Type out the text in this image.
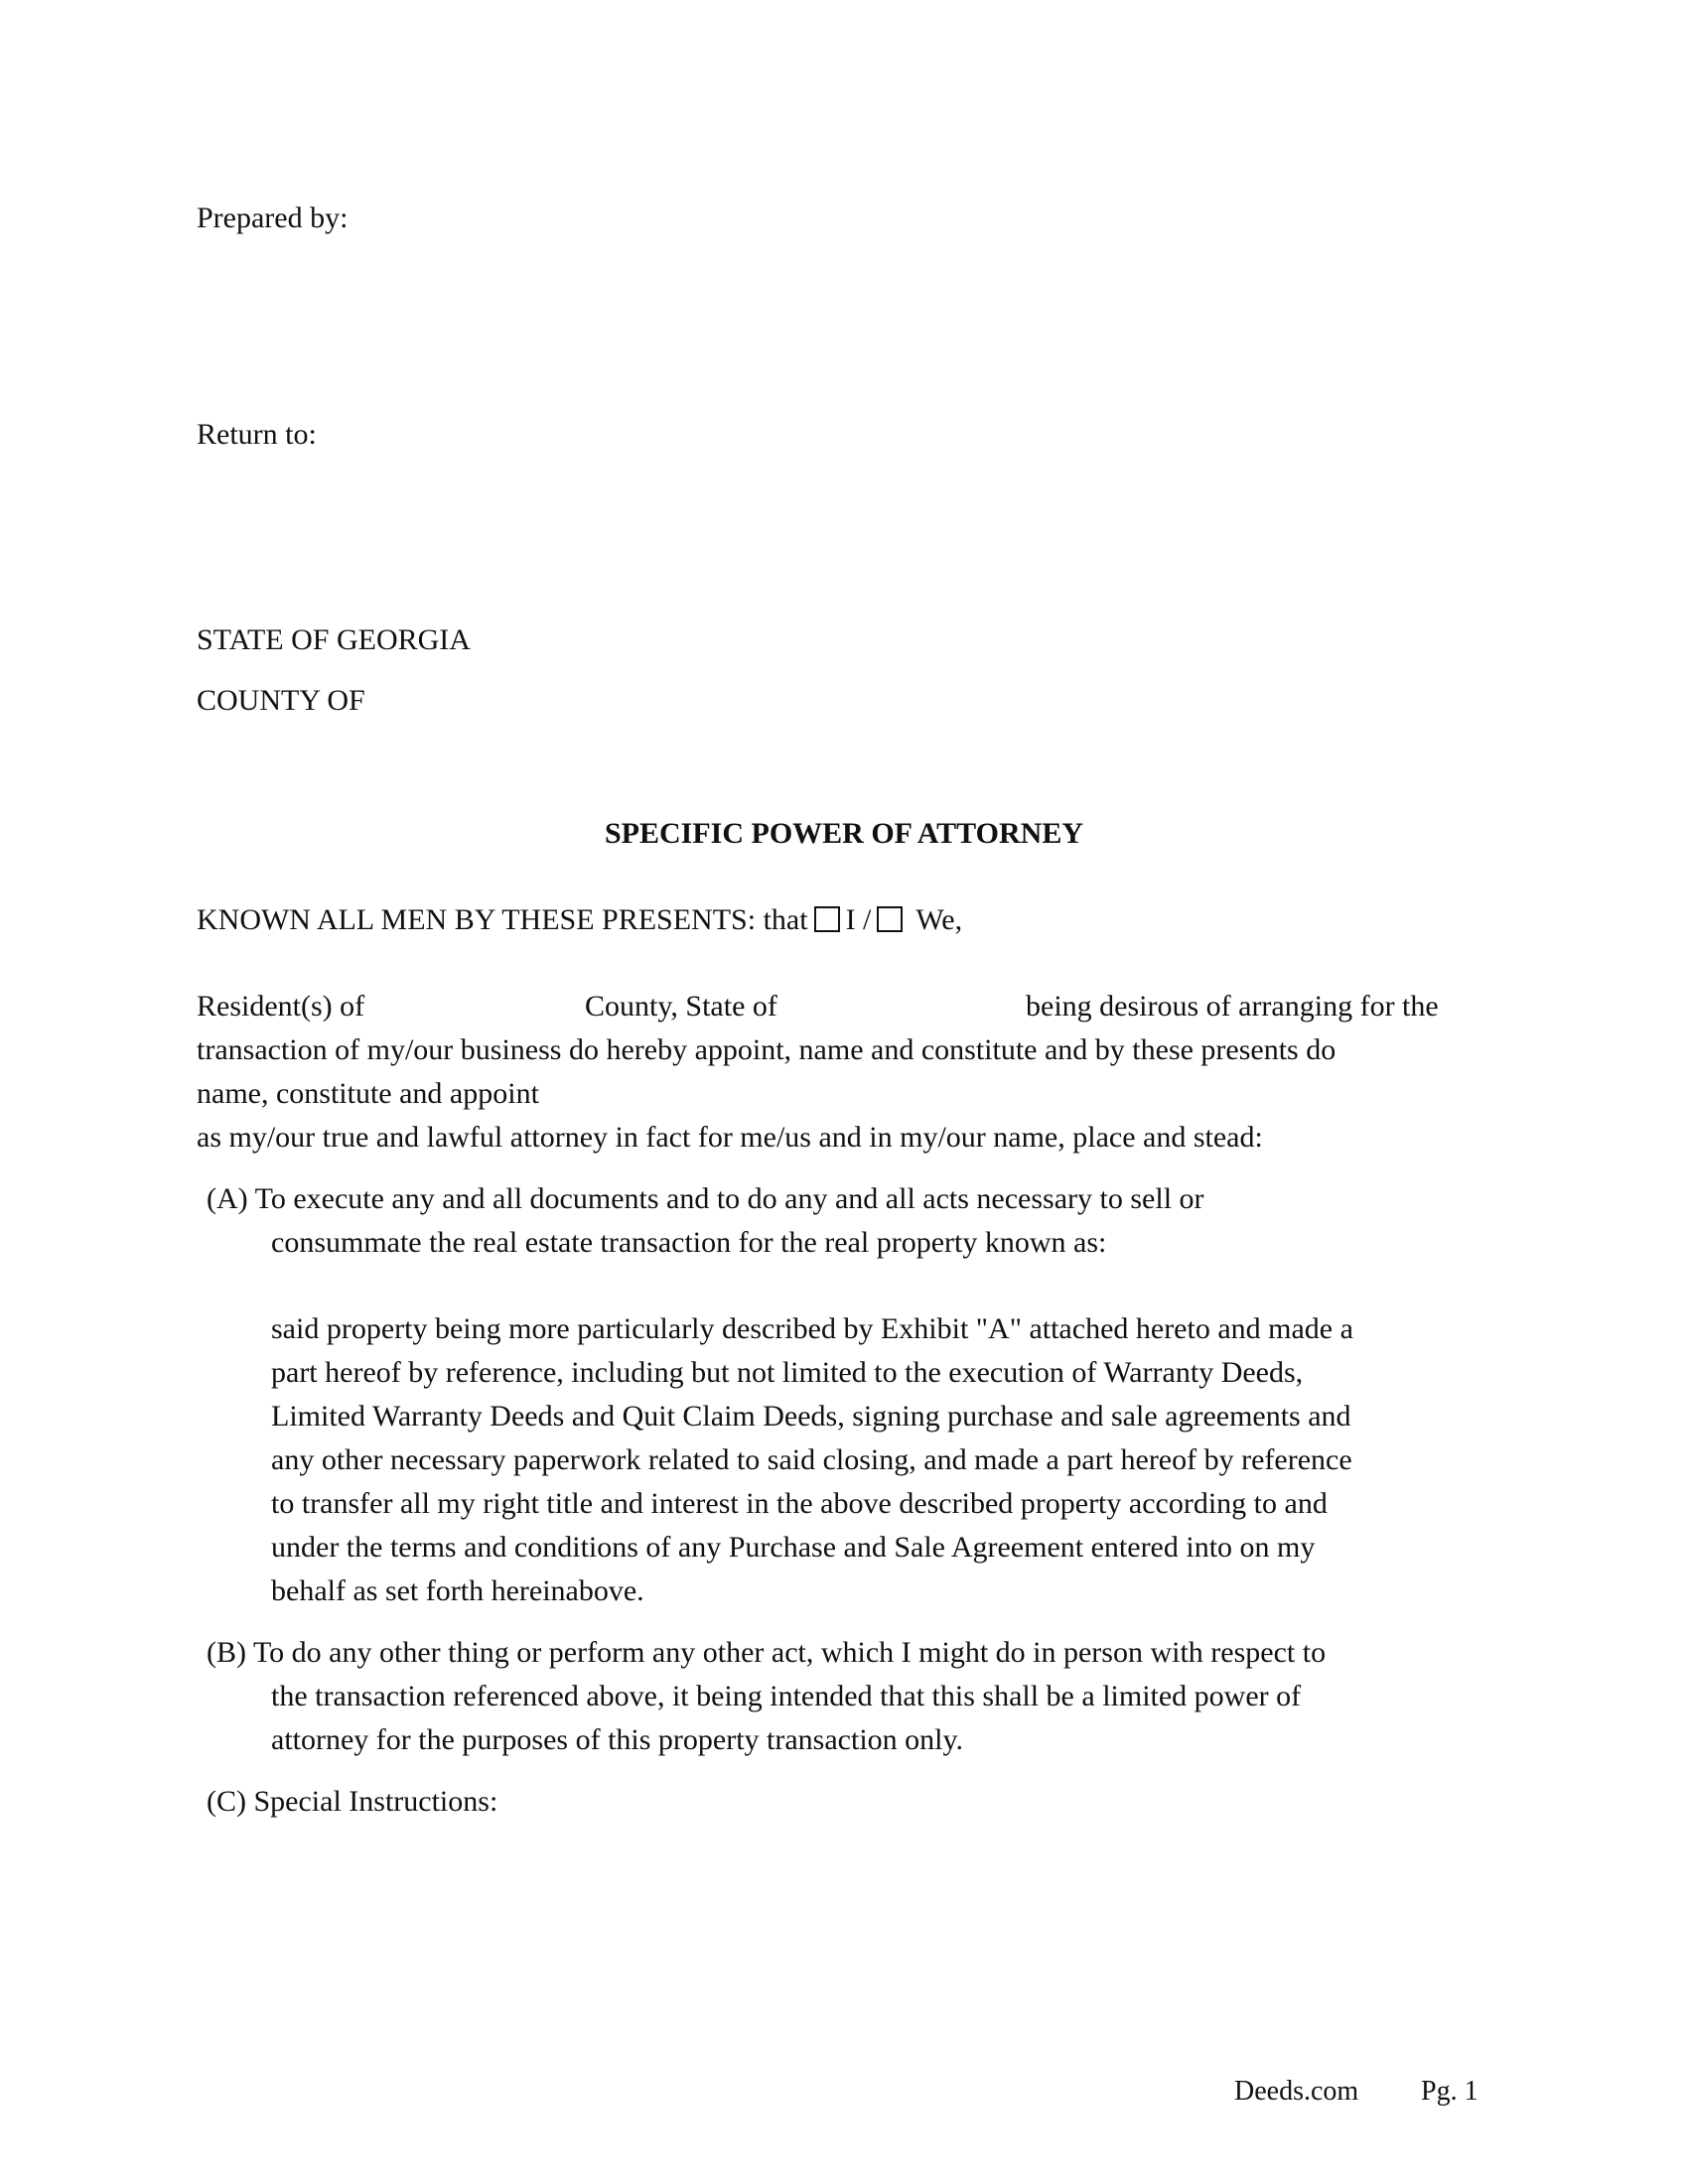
Prepared by:
Return to:
STATE OF GEORGIA
COUNTY OF
SPECIFIC POWER OF ATTORNEY
KNOWN ALL MEN BY THESE PRESENTS: that I / We,
Resident(s) of	County, State of	being desirous of arranging for the
transaction of my/our business do hereby appoint, name and constitute and by these presents do
name, constitute and appoint
as my/our true and lawful attorney in fact for me/us and in my/our name, place and stead:
(A) To execute any and all documents and to do any and all acts necessary to sell or
consummate the real estate transaction for the real property known as:
said property being more particularly described by Exhibit "A" attached hereto and made a
part hereof by reference, including but not limited to the execution of Warranty Deeds,
Limited Warranty Deeds and Quit Claim Deeds, signing purchase and sale agreements and
any other necessary paperwork related to said closing, and made a part hereof by reference
to transfer all my right title and interest in the above described property according to and
under the terms and conditions of any Purchase and Sale Agreement entered into on my
behalf as set forth hereinabove.
(B) To do any other thing or perform any other act, which I might do in person with respect to
the transaction referenced above, it being intended that this shall be a limited power of
attorney for the purposes of this property transaction only.
(C) Special Instructions:
Deeds.com Pg. 1
